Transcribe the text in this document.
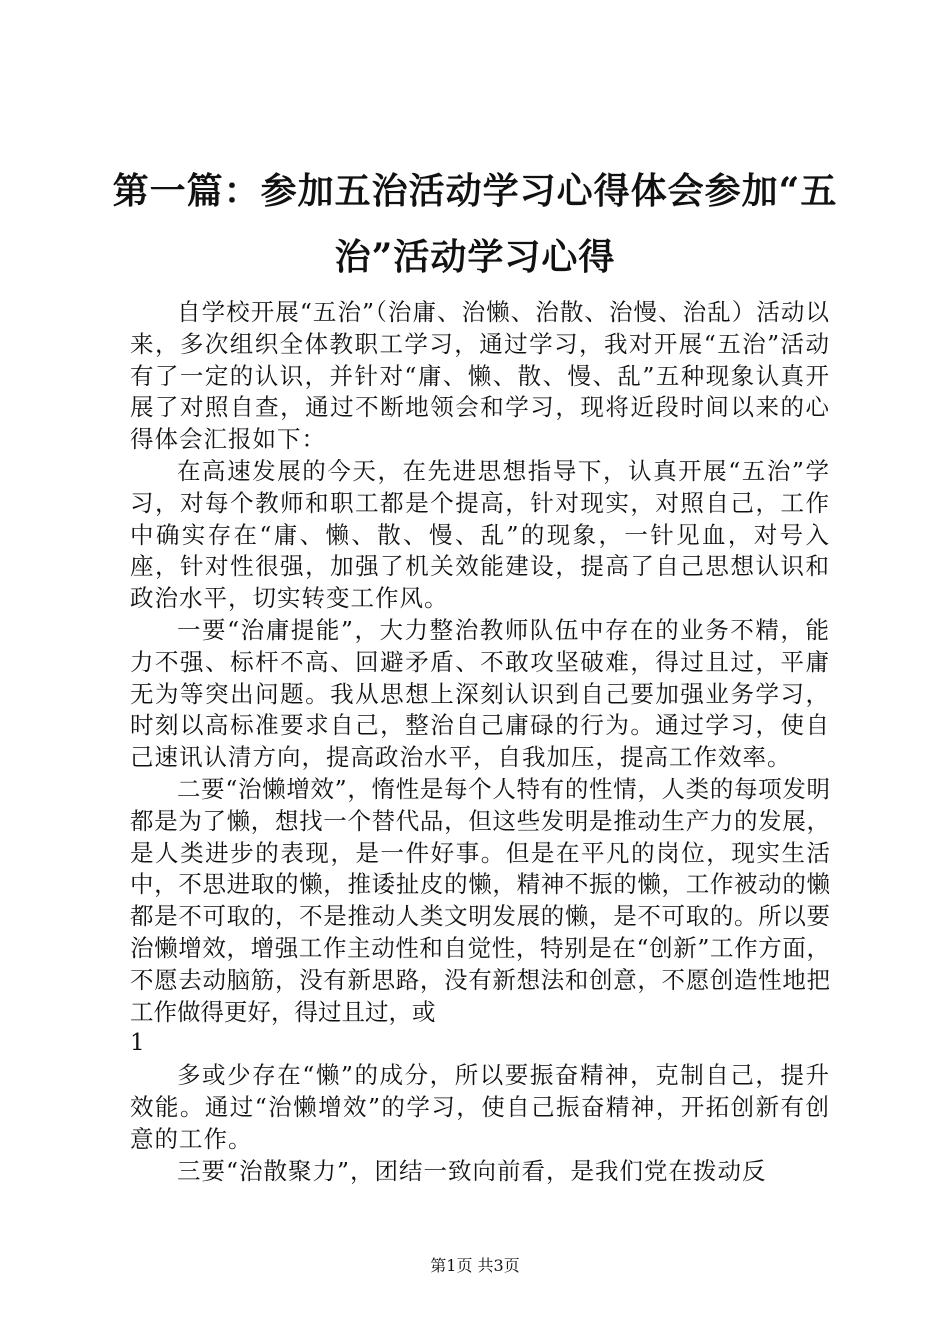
第一篇：参加五治活动学习心得体会参加“五治”活动学习心得

自学校开展“五治”（治庸、治懒、治散、治慢、治乱）活动以来，多次组织全体教职工学习，通过学习，我对开展“五治”活动有了一定的认识，并针对“庸、懒、散、慢、乱”五种现象认真开展了对照自查，通过不断地领会和学习，现将近段时间以来的心得体会汇报如下：

在高速发展的今天，在先进思想指导下，认真开展“五治”学习，对每个教师和职工都是个提高，针对现实，对照自己，工作中确实存在“庸、懒、散、慢、乱”的现象，一针见血，对号入座，针对性很强，加强了机关效能建设，提高了自己思想认识和政治水平，切实转变工作风。

一要“治庸提能”，大力整治教师队伍中存在的业务不精，能力不强、标杆不高、回避矛盾、不敢攻坚破难，得过且过，平庸无为等突出问题。我从思想上深刻认识到自己要加强业务学习，时刻以高标准要求自己，整治自己庸碌的行为。通过学习，使自己速讯认清方向，提高政治水平，自我加压，提高工作效率。

二要“治懒增效”，惰性是每个人特有的性情，人类的每项发明都是为了懒，想找一个替代品，但这些发明是推动生产力的发展，是人类进步的表现，是一件好事。但是在平凡的岗位，现实生活中，不思进取的懒，推诿扯皮的懒，精神不振的懒，工作被动的懒都是不可取的，不是推动人类文明发展的懒，是不可取的。所以要治懒增效，增强工作主动性和自觉性，特别是在“创新”工作方面，不愿去动脑筋，没有新思路，没有新想法和创意，不愿创造性地把工作做得更好，得过且过，或

1

多或少存在“懒”的成分，所以要振奋精神，克制自己，提升效能。通过“治懒增效”的学习，使自己振奋精神，开拓创新有创意的工作。

三要“治散聚力”，团结一致向前看，是我们党在拨动反

第1页 共3页
